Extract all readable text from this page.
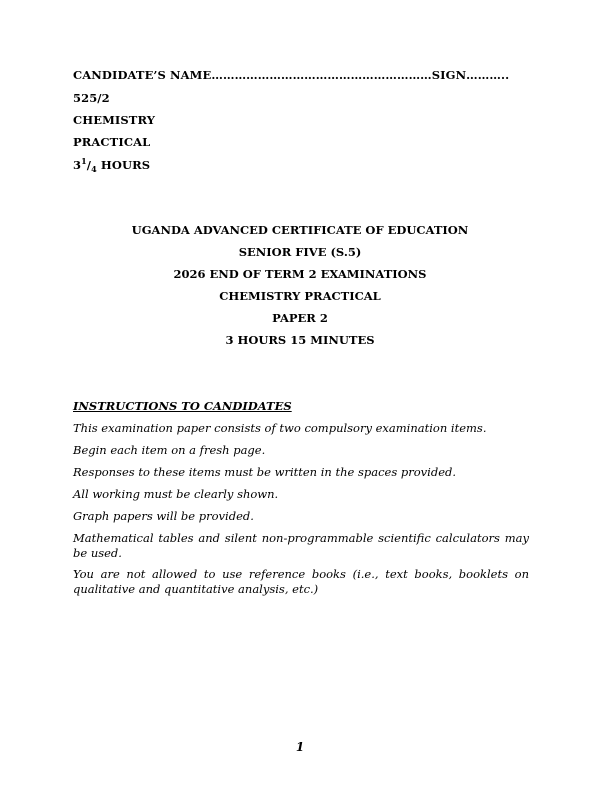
CANDIDATE’S NAME…………………………………………………SIGN………..
525/2
CHEMISTRY
PRACTICAL
$3^1/_4$ HOURS
UGANDA ADVANCED CERTIFICATE OF EDUCATION
SENIOR FIVE (S.5)
2026 END OF TERM 2 EXAMINATIONS
CHEMISTRY PRACTICAL
PAPER 2
3 HOURS 15 MINUTES
INSTRUCTIONS TO CANDIDATES
This examination paper consists of two compulsory examination items.
Begin each item on a fresh page.
Responses to these items must be written in the spaces provided.
All working must be clearly shown.
Graph papers will be provided.
Mathematical tables and silent non-programmable scientific calculators may be used.
You are not allowed to use reference books (i.e., text books, booklets on qualitative and quantitative analysis, etc.)
1
